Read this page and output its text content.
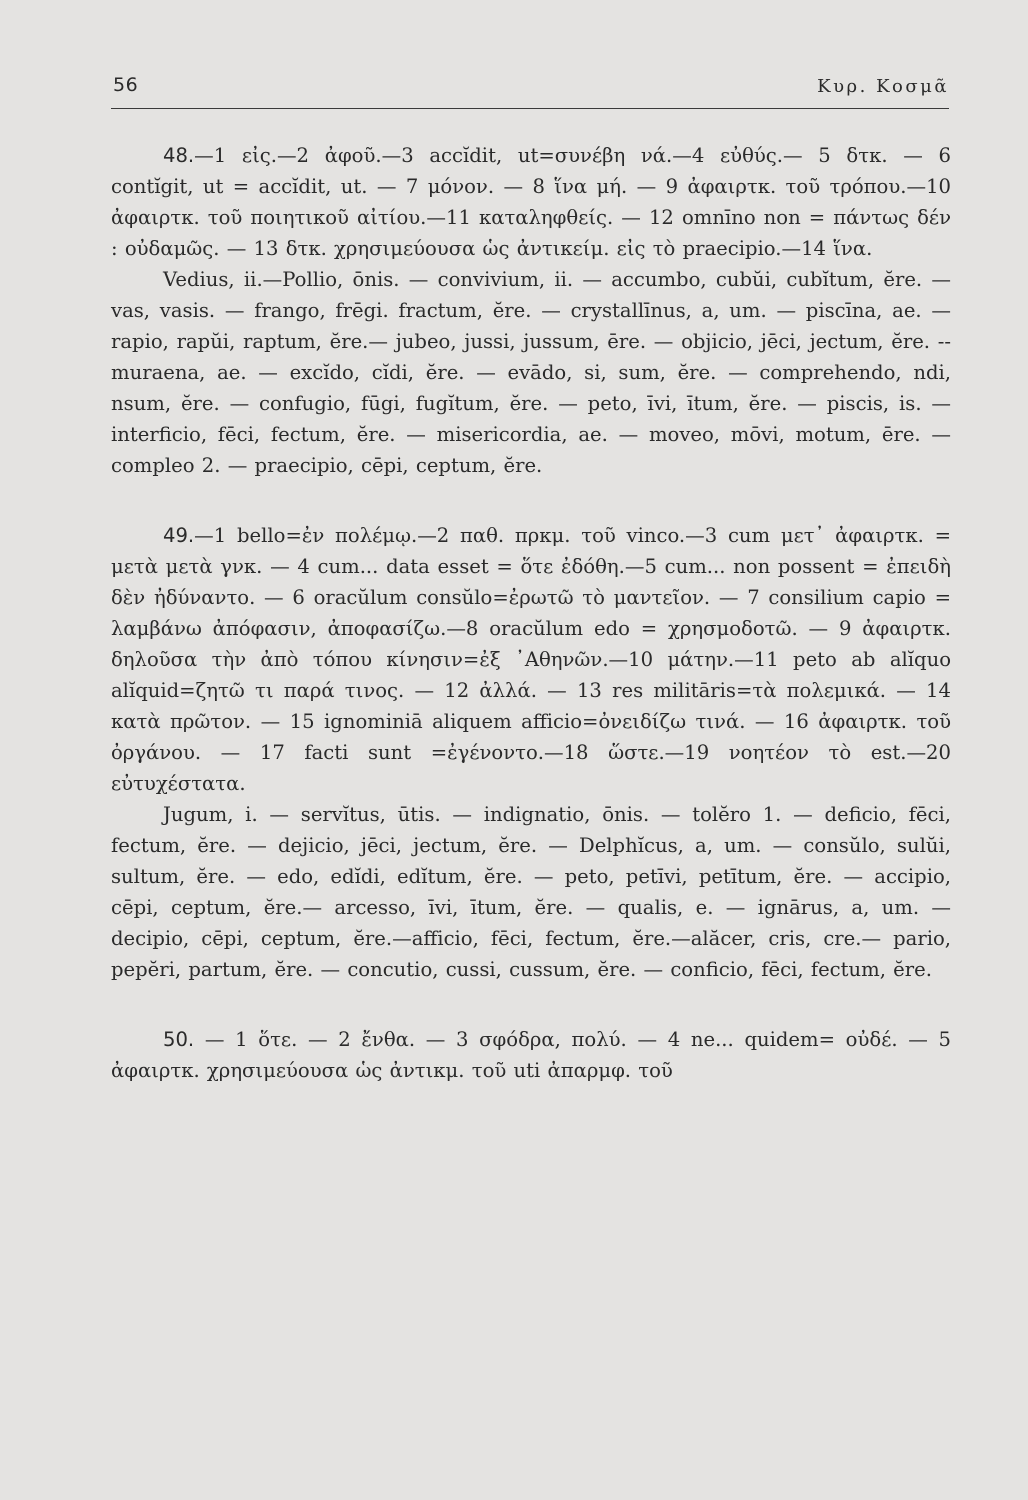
56	Κυρ. Κοσμᾶ

48.—1 εἰς.—2 ἀφοῦ.—3 accĭdit, ut=συνέβη νά.—4 εὐθύς.— 5 δτκ. — 6 contĭgit, ut = accĭdit, ut. — 7 μόνον. — 8 ἵνα μή. — 9 ἀφαιρτκ. τοῦ τρόπου.—10 ἀφαιρτκ. τοῦ ποιητικοῦ αἰτίου.—11 καταληφθείς. — 12 omnīno non = πάντως δέν : οὐδαμῶς. — 13 δτκ. χρησιμεύουσα ὡς ἀντικείμ. εἰς τὸ praecipio.—14 ἵνα.

Vedius, ii.—Pollio, ōnis. — convivium, ii. — accumbo, cubŭi, cubĭtum, ĕre. — vas, vasis. — frango, frēgi. fractum, ĕre. — crystallīnus, a, um. — piscīna, ae. — rapio, rapŭi, raptum, ĕre.— jubeo, jussi, jussum, ēre. — objicio, jēci, jectum, ĕre. -- muraena, ae. — excĭdo, cĭdi, ĕre. — evādo, si, sum, ĕre. — comprehendo, ndi, nsum, ĕre. — confugio, fūgi, fugĭtum, ĕre. — peto, īvi, ītum, ĕre. — piscis, is. — interficio, fēci, fectum, ĕre. — misericordia, ae. — moveo, mōvi, motum, ēre. — compleo 2. — praecipio, cēpi, ceptum, ĕre.

49.—1 bello=ἐν πολέμῳ.—2 παθ. πρκμ. τοῦ vinco.—3 cum μετ᾽ ἀφαιρτκ. = μετὰ μετὰ γνκ. — 4 cum... data esset = ὅτε ἐδόθη.—5 cum... non possent = ἐπειδὴ δὲν ἠδύναντο. — 6 oracŭlum consŭlo=ἐρωτῶ τὸ μαντεῖον. — 7 consilium capio = λαμβάνω ἀπόφασιν, ἀποφασίζω.—8 oracŭlum edo = χρησμοδοτῶ. — 9 ἀφαιρτκ. δηλοῦσα τὴν ἀπὸ τόπου κίνησιν=ἐξ ᾽Αθηνῶν.—10 μάτην.—11 peto ab alĭquo alĭquid=ζητῶ τι παρά τινος. — 12 ἀλλά. — 13 res militāris=τὰ πολεμικά. — 14 κατὰ πρῶτον. — 15 ignominiā aliquem afficio=ὀνειδίζω τινά. — 16 ἀφαιρτκ. τοῦ ὀργάνου. — 17 facti sunt =ἐγένοντο.—18 ὥστε.—19 νοητέον τὸ est.—20 εὐτυχέστατα.

Jugum, i. — servĭtus, ūtis. — indignatio, ōnis. — tolĕro 1. — deficio, fēci, fectum, ĕre. — dejicio, jēci, jectum, ĕre. — Delphĭcus, a, um. — consŭlo, sulŭi, sultum, ĕre. — edo, edĭdi, edĭtum, ĕre. — peto, petīvi, petītum, ĕre. — accipio, cēpi, ceptum, ĕre.— arcesso, īvi, ītum, ĕre. — qualis, e. — ignārus, a, um. — decipio, cēpi, ceptum, ĕre.—afficio, fēci, fectum, ĕre.—alăcer, cris, cre.— pario, pepĕri, partum, ĕre. — concutio, cussi, cussum, ĕre. — conficio, fēci, fectum, ĕre.

50. — 1 ὅτε. — 2 ἔνθα. — 3 σφόδρα, πολύ. — 4 ne... quidem= οὐδέ. — 5 ἀφαιρτκ. χρησιμεύουσα ὡς ἀντικμ. τοῦ uti ἀπαρμφ. τοῦ
